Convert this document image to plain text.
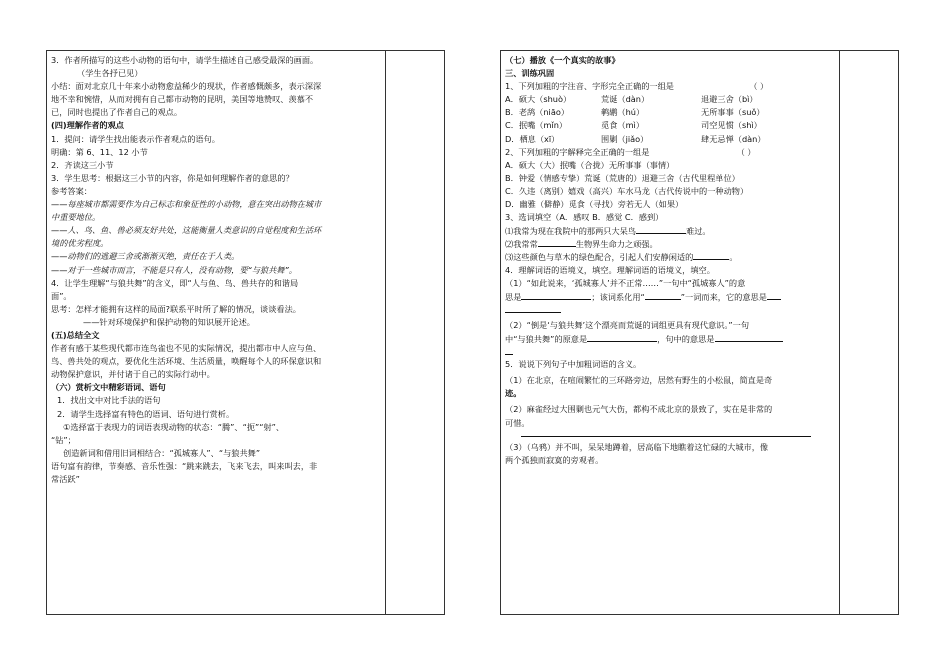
3．作者所描写的这些小动物的语句中，请学生描述自己感受最深的画面。
（学生各抒已见）
小结：面对北京几十年来小动物愈益稀少的现状，作者感慨颇多，表示深深
地不幸和惋惜，从而对拥有自己都市动物的昆明，美国等地赞叹、羡慕不
已，同时也提出了作者自己的观点。
(四)理解作者的观点
1．提问：请学生找出能表示作者观点的语句。
明确：第 6、11、12 小节
2．齐读这三小节
3．学生思考：根据这三小节的内容，你是如何理解作者的意思的？
参考答案：
——每座城市都需要作为自己标志和象征性的小动物，意在突出动物在城市
中重要地位。
——人、鸟、鱼、兽必须友好共处，这能衡量人类意识的自觉程度和生活环
境的优劣程度。
——动物们的逃避三舍或渐渐灭绝，责任在于人类。
——对于一些城市而言，不能是只有人，没有动物，要“与狼共舞”。
4．让学生理解“与狼共舞”的含义，即“人与鱼、鸟、兽共存的和谐局
面”。
思考：怎样才能拥有这样的局面?联系平时所了解的情况，谈谈看法。
——针对环境保护和保护动物的知识展开论述。
(五)总结全文
作者有感于某些现代都市连鸟雀也不见的实际情况，提出都市中人应与鱼、
鸟、兽共处的观点，要优化生活环境、生活质量，唤醒每个人的环保意识和
动物保护意识，并付诸于自己的实际行动中。
（六）赏析文中精彩语词、语句
1．找出文中对比手法的语句
2．请学生选择富有特色的语词、语句进行赏析。
①选择富于表现力的词语表现动物的状态：“腾”、“扼”“射”、
“钻”；
创造新词和借用旧词相结合：“孤城寡人”、“与狼共舞”
语句富有韵律，节奏感、音乐性强：“跳来跳去，飞来飞去，叫来叫去，非
常活跃”
（七）播放《一个真实的故事》
三、训练巩固
1、下列加粗的字注音、字形完全正确的一组是	（ ）
A．硕大（shuò）	荒诞（dàn）	退避三舍（bì）
B．老鸹（niāo）	鹌鹕（hú）	无所事事（suǒ）
C．抿嘴（mǐn）	觅食（mì）	司空见惯（shì）
D．栖息（xī）	围剿（jiǎo）	肆无忌惮（dàn）
2、下列加粗的字解释完全正确的一组是	（ ）
A．硕大（大）抿嘴（合拢）无所事事（事情）
B．钟爱（情感专挚）荒诞（荒唐的）退避三舍（古代里程单位）
C．久违（离别）嬉戏（高兴）车水马龙（古代传说中的一种动物）
D．幽雅（僻静）觅食（寻找）旁若无人（如果）
3、选词填空（A．感叹 B．感觉 C．感到）
⑴我常为现在我院中的那两只大呆鸟	难过。
⑵我常常	生物界生命力之顽强。
⑶这些颜色与草木的绿色配合，引起人们安静闲适的	。
4．理解词语的语境义，填空。理解词语的语境义，填空。
（1）“如此说来，‘孤城寡人’并不正常……”一句中“孤城寡人”的意
思是	；该词系化用“	”一词而来，它的意思是
（2）“倒是‘与狼共舞’这个漂亮而荒诞的词组更具有现代意识。”一句
中“与狼共舞”的原意是	，句中的意思是
5．说说下列句子中加粗词语的含义。
（1）在北京，在喧闹繁忙的三环路旁边，居然有野生的小松鼠，简直是奇
迹。
（2）麻雀经过大围剿也元气大伤，都构不成北京的景致了，实在是非常的
可惜。
（3）（乌鸦）并不叫，呆呆地蹲着，居高临下地瞧着这忙碌的大城市，像
两个孤独而寂寞的旁观者。
